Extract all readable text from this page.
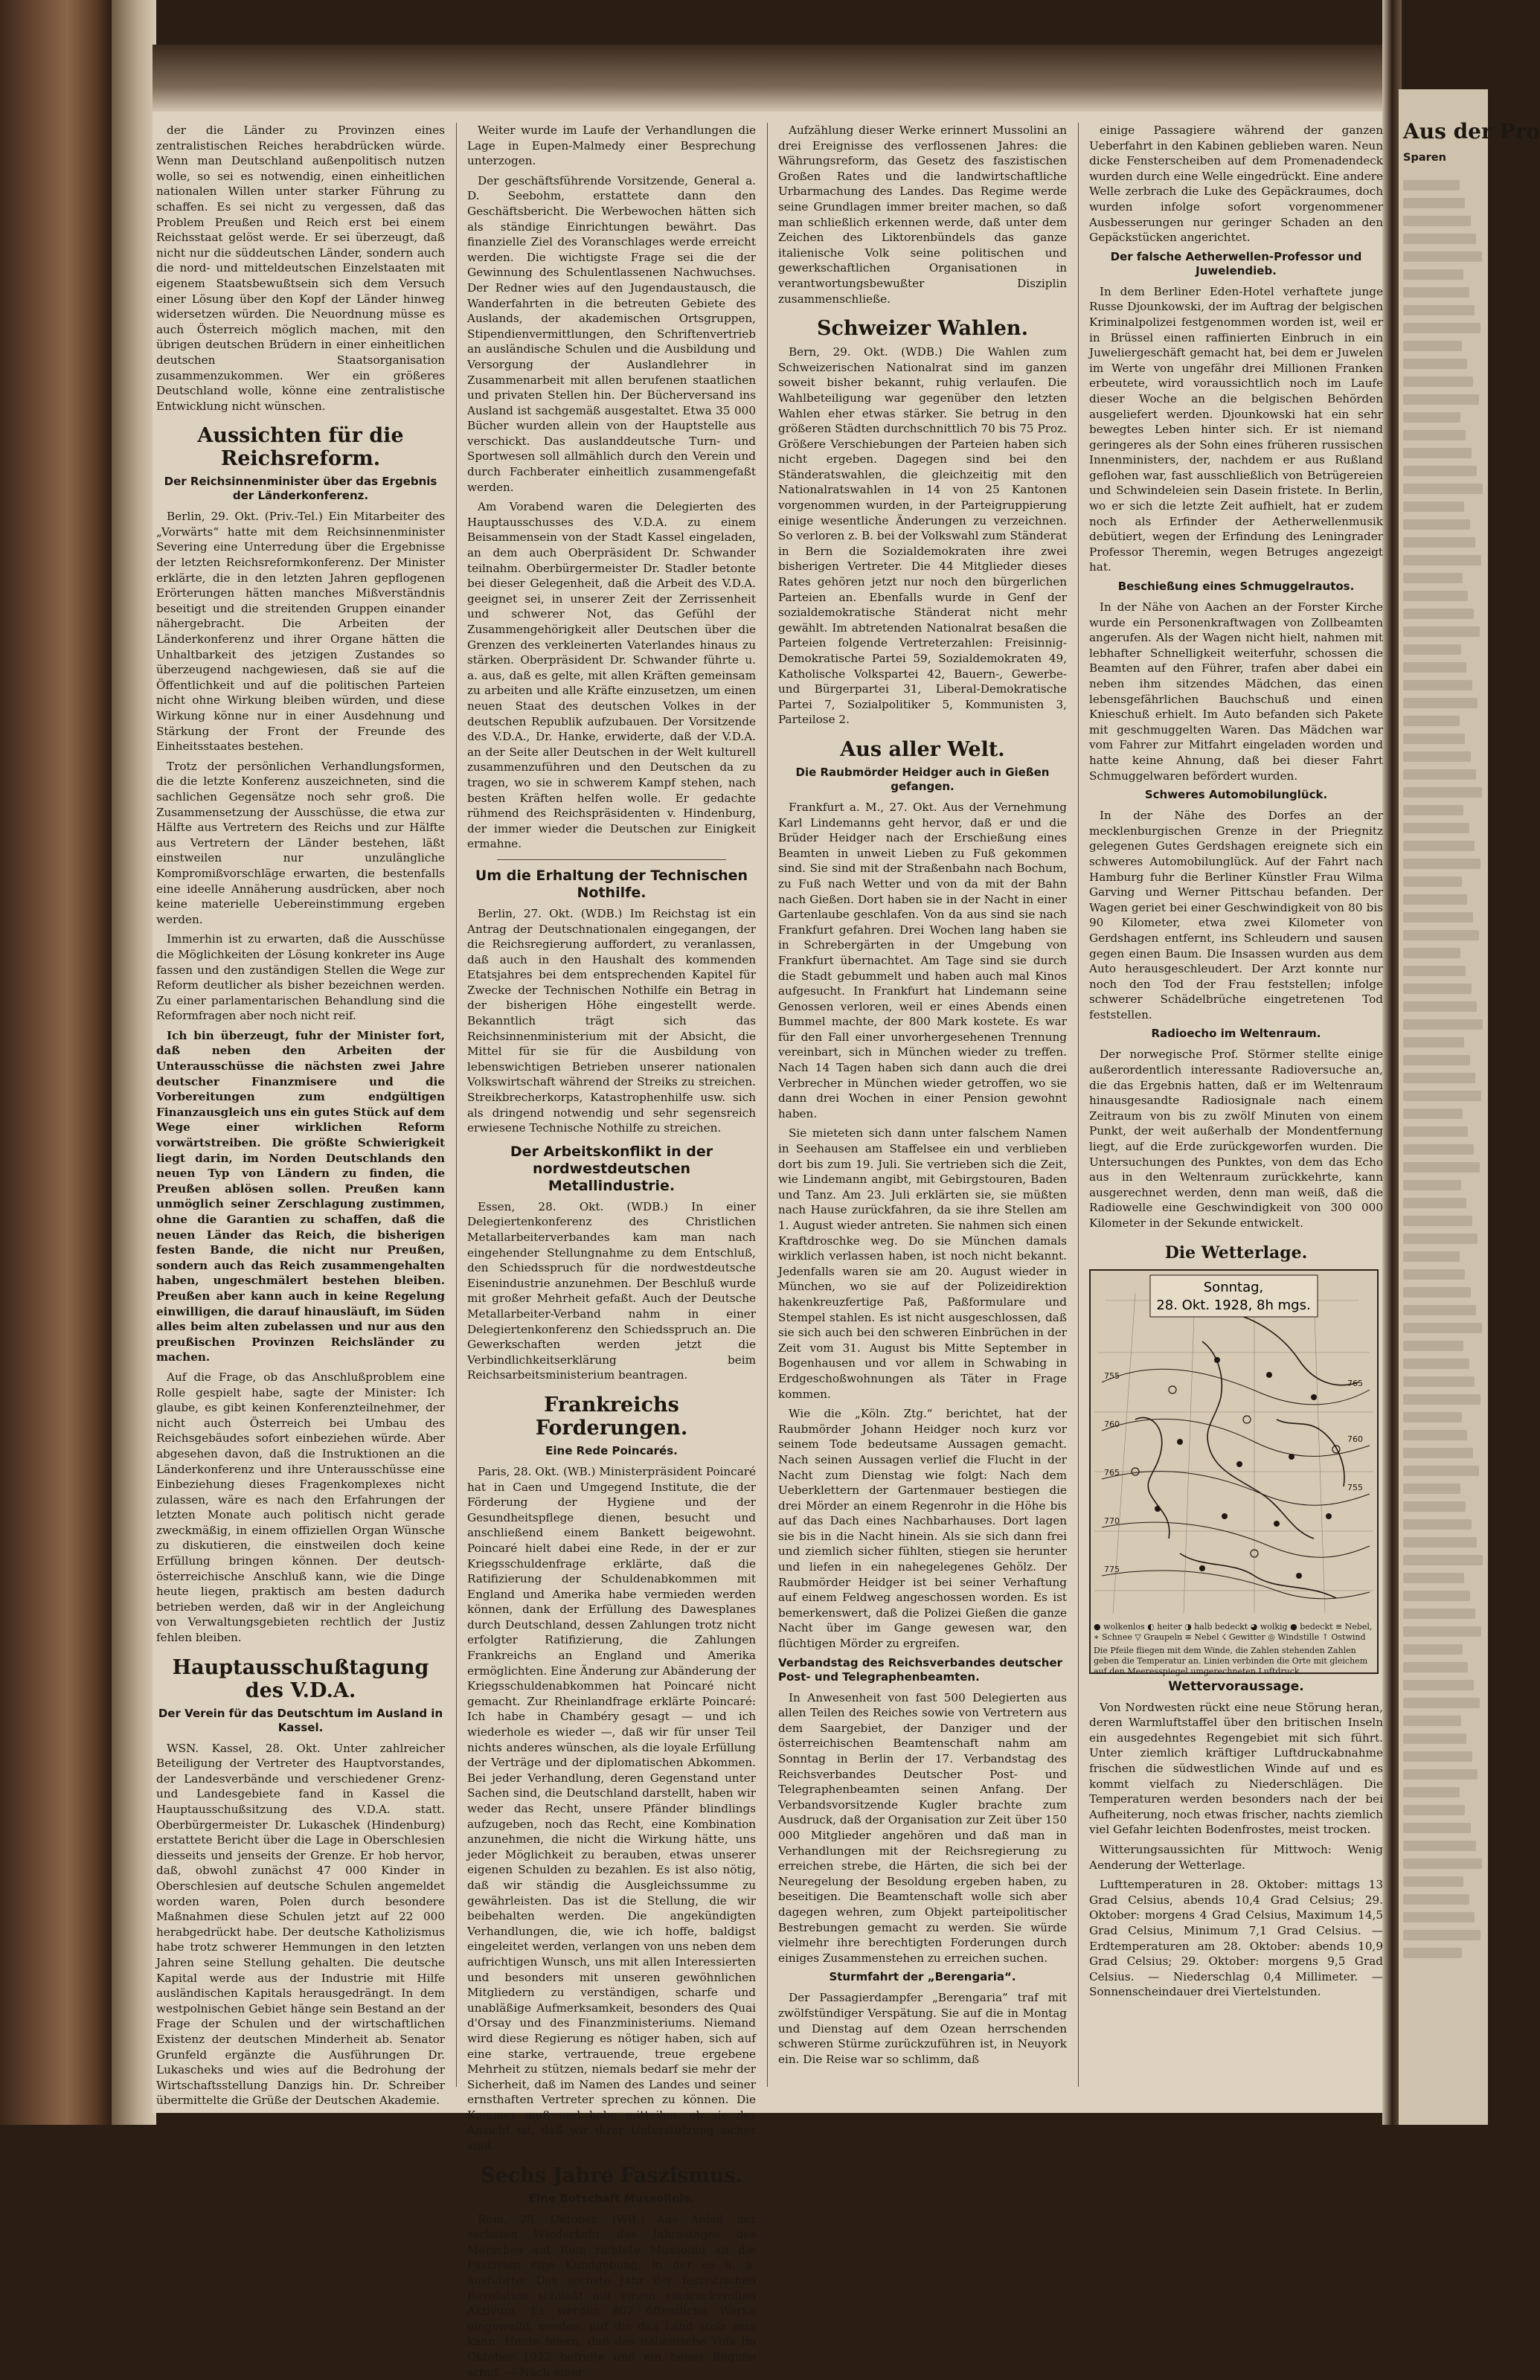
Aus der Pro
Sparen

der die Länder zu Provinzen eines zentralistischen Reiches herabdrücken würde. Wenn man Deutschland außenpolitisch nutzen wolle, so sei es notwendig, einen einheitlichen nationalen Willen unter starker Führung zu schaffen. Es sei nicht zu vergessen, daß das Problem Preußen und Reich erst bei einem Reichsstaat gelöst werde. Er sei überzeugt, daß nicht nur die süddeutschen Länder, sondern auch die nord- und mitteldeutschen Einzelstaaten mit eigenem Staatsbewußtsein sich dem Versuch einer Lösung über den Kopf der Länder hinweg widersetzen würden. Die Neuordnung müsse es auch Österreich möglich machen, mit den übrigen deutschen Brüdern in einer einheitlichen deutschen Staatsorganisation zusammenzukommen. Wer ein größeres Deutschland wolle, könne eine zentralistische Entwicklung nicht wünschen.

Aussichten für die Reichsreform.
Der Reichsinnenminister über das Ergebnis der Länderkonferenz.

Berlin, 29. Okt. (Priv.-Tel.) Ein Mitarbeiter des „Vorwärts“ hatte mit dem Reichsinnenminister Severing eine Unterredung über die Ergebnisse der letzten Reichsreformkonferenz. Der Minister erklärte, die in den letzten Jahren gepflogenen Erörterungen hätten manches Mißverständnis beseitigt und die streitenden Gruppen einander nähergebracht. Die Arbeiten der Länderkonferenz und ihrer Organe hätten die Unhaltbarkeit des jetzigen Zustandes so überzeugend nachgewiesen, daß sie auf die Öffentlichkeit und auf die politischen Parteien nicht ohne Wirkung bleiben würden, und diese Wirkung könne nur in einer Ausdehnung und Stärkung der Front der Freunde des Einheitsstaates bestehen.

Trotz der persönlichen Verhandlungsformen, die die letzte Konferenz auszeichneten, sind die sachlichen Gegensätze noch sehr groß. Die Zusammensetzung der Ausschüsse, die etwa zur Hälfte aus Vertretern des Reichs und zur Hälfte aus Vertretern der Länder bestehen, läßt einstweilen nur unzulängliche Kompromißvorschläge erwarten, die bestenfalls eine ideelle Annäherung ausdrücken, aber noch keine materielle Uebereinstimmung ergeben werden.

Immerhin ist zu erwarten, daß die Ausschüsse die Möglichkeiten der Lösung konkreter ins Auge fassen und den zuständigen Stellen die Wege zur Reform deutlicher als bisher bezeichnen werden. Zu einer parlamentarischen Behandlung sind die Reformfragen aber noch nicht reif.

Ich bin überzeugt, fuhr der Minister fort, daß neben den Arbeiten der Unterausschüsse die nächsten zwei Jahre deutscher Finanzmisere und die Vorbereitungen zum endgültigen Finanzausgleich uns ein gutes Stück auf dem Wege einer wirklichen Reform vorwärtstreiben. Die größte Schwierigkeit liegt darin, im Norden Deutschlands den neuen Typ von Ländern zu finden, die Preußen ablösen sollen. Preußen kann unmöglich seiner Zerschlagung zustimmen, ohne die Garantien zu schaffen, daß die neuen Länder das Reich, die bisherigen festen Bande, die nicht nur Preußen, sondern auch das Reich zusammengehalten haben, ungeschmälert bestehen bleiben. Preußen aber kann auch in keine Regelung einwilligen, die darauf hinausläuft, im Süden alles beim alten zubelassen und nur aus den preußischen Provinzen Reichsländer zu machen.

Auf die Frage, ob das Anschlußproblem eine Rolle gespielt habe, sagte der Minister: Ich glaube, es gibt keinen Konferenzteilnehmer, der nicht auch Österreich bei Umbau des Reichsgebäudes sofort einbeziehen würde. Aber abgesehen davon, daß die Instruktionen an die Länderkonferenz und ihre Unterausschüsse eine Einbeziehung dieses Fragenkomplexes nicht zulassen, wäre es nach den Erfahrungen der letzten Monate auch politisch nicht gerade zweckmäßig, in einem offiziellen Organ Wünsche zu diskutieren, die einstweilen doch keine Erfüllung bringen können. Der deutsch-österreichische Anschluß kann, wie die Dinge heute liegen, praktisch am besten dadurch betrieben werden, daß wir in der Angleichung von Verwaltungsgebieten rechtlich der Justiz fehlen bleiben.

Hauptausschußtagung des V.D.A.
Der Verein für das Deutschtum im Ausland in Kassel.

WSN. Kassel, 28. Okt. Unter zahlreicher Beteiligung der Vertreter des Hauptvorstandes, der Landesverbände und verschiedener Grenz- und Landesgebiete fand in Kassel die Hauptausschußsitzung des V.D.A. statt. Oberbürgermeister Dr. Lukaschek (Hindenburg) erstattete Bericht über die Lage in Oberschlesien diesseits und jenseits der Grenze. Er hob hervor, daß, obwohl zunächst 47 000 Kinder in Oberschlesien auf deutsche Schulen angemeldet worden waren, Polen durch besondere Maßnahmen diese Schulen jetzt auf 22 000 herabgedrückt habe. Der deutsche Katholizismus habe trotz schwerer Hemmungen in den letzten Jahren seine Stellung gehalten. Die deutsche Kapital werde aus der Industrie mit Hilfe ausländischen Kapitals herausgedrängt. In dem westpolnischen Gebiet hänge sein Bestand an der Frage der Schulen und der wirtschaftlichen Existenz der deutschen Minderheit ab. Senator Grunfeld ergänzte die Ausführungen Dr. Lukascheks und wies auf die Bedrohung der Wirtschaftsstellung Danzigs hin. Dr. Schreiber übermittelte die Grüße der Deutschen Akademie.

Weiter wurde im Laufe der Verhandlungen die Lage in Eupen-Malmedy einer Besprechung unterzogen.

Der geschäftsführende Vorsitzende, General a. D. Seebohm, erstattete dann den Geschäftsbericht. Die Werbewochen hätten sich als ständige Einrichtungen bewährt. Das finanzielle Ziel des Voranschlages werde erreicht werden. Die wichtigste Frage sei die der Gewinnung des Schulentlassenen Nachwuchses. Der Redner wies auf den Jugendaustausch, die Wanderfahrten in die betreuten Gebiete des Auslands, der akademischen Ortsgruppen, Stipendienvermittlungen, den Schriftenvertrieb an ausländische Schulen und die Ausbildung und Versorgung der Auslandlehrer in Zusammenarbeit mit allen berufenen staatlichen und privaten Stellen hin. Der Bücherversand ins Ausland ist sachgemäß ausgestaltet. Etwa 35 000 Bücher wurden allein von der Hauptstelle aus verschickt. Das auslanddeutsche Turn- und Sportwesen soll allmählich durch den Verein und durch Fachberater einheitlich zusammengefaßt werden.

Am Vorabend waren die Delegierten des Hauptausschusses des V.D.A. zu einem Beisammensein von der Stadt Kassel eingeladen, an dem auch Oberpräsident Dr. Schwander teilnahm. Oberbürgermeister Dr. Stadler betonte bei dieser Gelegenheit, daß die Arbeit des V.D.A. geeignet sei, in unserer Zeit der Zerrissenheit und schwerer Not, das Gefühl der Zusammengehörigkeit aller Deutschen über die Grenzen des verkleinerten Vaterlandes hinaus zu stärken. Oberpräsident Dr. Schwander führte u. a. aus, daß es gelte, mit allen Kräften gemeinsam zu arbeiten und alle Kräfte einzusetzen, um einen neuen Staat des deutschen Volkes in der deutschen Republik aufzubauen. Der Vorsitzende des V.D.A., Dr. Hanke, erwiderte, daß der V.D.A. an der Seite aller Deutschen in der Welt kulturell zusammenzuführen und den Deutschen da zu tragen, wo sie in schwerem Kampf stehen, nach besten Kräften helfen wolle. Er gedachte rühmend des Reichspräsidenten v. Hindenburg, der immer wieder die Deutschen zur Einigkeit ermahne.

Um die Erhaltung der Technischen Nothilfe.

Berlin, 27. Okt. (WDB.) Im Reichstag ist ein Antrag der Deutschnationalen eingegangen, der die Reichsregierung auffordert, zu veranlassen, daß auch in den Haushalt des kommenden Etatsjahres bei dem entsprechenden Kapitel für Zwecke der Technischen Nothilfe ein Betrag in der bisherigen Höhe eingestellt werde. Bekanntlich trägt sich das Reichsinnenministerium mit der Absicht, die Mittel für sie für die Ausbildung von lebenswichtigen Betrieben unserer nationalen Volkswirtschaft während der Streiks zu streichen. Streikbrecherkorps, Katastrophenhilfe usw. sich als dringend notwendig und sehr segensreich erwiesene Technische Nothilfe zu streichen.

Der Arbeitskonflikt in der nordwestdeutschen Metallindustrie.

Essen, 28. Okt. (WDB.) In einer Delegiertenkonferenz des Christlichen Metallarbeiterverbandes kam man nach eingehender Stellungnahme zu dem Entschluß, den Schiedsspruch für die nordwestdeutsche Eisenindustrie anzunehmen. Der Beschluß wurde mit großer Mehrheit gefaßt. Auch der Deutsche Metallarbeiter-Verband nahm in einer Delegiertenkonferenz den Schiedsspruch an. Die Gewerkschaften werden jetzt die Verbindlichkeitserklärung beim Reichsarbeitsministerium beantragen.

Frankreichs Forderungen.
Eine Rede Poincarés.

Paris, 28. Okt. (WB.) Ministerpräsident Poincaré hat in Caen und Umgegend Institute, die der Förderung der Hygiene und der Gesundheitspflege dienen, besucht und anschließend einem Bankett beigewohnt. Poincaré hielt dabei eine Rede, in der er zur Kriegsschuldenfrage erklärte, daß die Ratifizierung der Schuldenabkommen mit England und Amerika habe vermieden werden können, dank der Erfüllung des Dawesplanes durch Deutschland, dessen Zahlungen trotz nicht erfolgter Ratifizierung, die Zahlungen Frankreichs an England und Amerika ermöglichten. Eine Änderung zur Abänderung der Kriegsschuldenabkommen hat Poincaré nicht gemacht. Zur Rheinlandfrage erklärte Poincaré: Ich habe in Chambéry gesagt — und ich wiederhole es wieder —, daß wir für unser Teil nichts anderes wünschen, als die loyale Erfüllung der Verträge und der diplomatischen Abkommen. Bei jeder Verhandlung, deren Gegenstand unter Sachen sind, die Deutschland darstellt, haben wir weder das Recht, unsere Pfänder blindlings aufzugeben, noch das Recht, eine Kombination anzunehmen, die nicht die Wirkung hätte, uns jeder Möglichkeit zu berauben, etwas unserer eigenen Schulden zu bezahlen. Es ist also nötig, daß wir ständig die Ausgleichssumme zu gewährleisten. Das ist die Stellung, die wir beibehalten werden. Die angekündigten Verhandlungen, die, wie ich hoffe, baldigst eingeleitet werden, verlangen von uns neben dem aufrichtigen Wunsch, uns mit allen Interessierten und besonders mit unseren gewöhnlichen Mitgliedern zu verständigen, scharfe und unabläßige Aufmerksamkeit, besonders des Quai d'Orsay und des Finanzministeriums. Niemand wird diese Regierung es nötiger haben, sich auf eine starke, vertrauende, treue ergebene Mehrheit zu stützen, niemals bedarf sie mehr der Sicherheit, daß im Namen des Landes und seiner ernsthaften Vertreter sprechen zu können. Die Kammer muß und habe mitteilen, ob sie der Ansicht ist, daß wir ihrer Unterstützung sicher sind.

Sechs Jahre Faszismus.
Eine Botschaft Mussolinis.

Rom, 28. Oktober. (WB.) Aus Anlaß der sechsten Wiederkehr des Jahrestages des Marsches auf Rom richtete Mussolini an die Faszisten eine Kundgebung, in der es u. a. ausführte: Das sechste Jahr der faszistischen Revolution schließt mit einem eindrucksvollen Aktivum. Es werden 802 öffentliche Werke eingeweiht werden, auf die das Land stolz sein kann. Heute feiern, daß das italienische Volk im Oktober 1922 befreite und ein neues Regime schuf. — Nach einer

Aufzählung dieser Werke erinnert Mussolini an drei Ereignisse des verflossenen Jahres: die Währungsreform, das Gesetz des faszistischen Großen Rates und die landwirtschaftliche Urbarmachung des Landes. Das Regime werde seine Grundlagen immer breiter machen, so daß man schließlich erkennen werde, daß unter dem Zeichen des Liktorenbündels das ganze italienische Volk seine politischen und gewerkschaftlichen Organisationen in verantwortungsbewußter Disziplin zusammenschließe.

Schweizer Wahlen.

Bern, 29. Okt. (WDB.) Die Wahlen zum Schweizerischen Nationalrat sind im ganzen soweit bisher bekannt, ruhig verlaufen. Die Wahlbeteiligung war gegenüber den letzten Wahlen eher etwas stärker. Sie betrug in den größeren Städten durchschnittlich 70 bis 75 Proz. Größere Verschiebungen der Parteien haben sich nicht ergeben. Dagegen sind bei den Ständeratswahlen, die gleichzeitig mit den Nationalratswahlen in 14 von 25 Kantonen vorgenommen wurden, in der Parteigruppierung einige wesentliche Änderungen zu verzeichnen. So verloren z. B. bei der Volkswahl zum Ständerat in Bern die Sozialdemokraten ihre zwei bisherigen Vertreter. Die 44 Mitglieder dieses Rates gehören jetzt nur noch den bürgerlichen Parteien an. Ebenfalls wurde in Genf der sozialdemokratische Ständerat nicht mehr gewählt. Im abtretenden Nationalrat besaßen die Parteien folgende Vertreterzahlen: Freisinnig-Demokratische Partei 59, Sozialdemokraten 49, Katholische Volkspartei 42, Bauern-, Gewerbe- und Bürgerpartei 31, Liberal-Demokratische Partei 7, Sozialpolitiker 5, Kommunisten 3, Parteilose 2.

Aus aller Welt.
Die Raubmörder Heidger auch in Gießen gefangen.

Frankfurt a. M., 27. Okt. Aus der Vernehmung Karl Lindemanns geht hervor, daß er und die Brüder Heidger nach der Erschießung eines Beamten in unweit Lieben zu Fuß gekommen sind. Sie sind mit der Straßenbahn nach Bochum, zu Fuß nach Wetter und von da mit der Bahn nach Gießen. Dort haben sie in der Nacht in einer Gartenlaube geschlafen. Von da aus sind sie nach Frankfurt gefahren. Drei Wochen lang haben sie in Schrebergärten in der Umgebung von Frankfurt übernachtet. Am Tage sind sie durch die Stadt gebummelt und haben auch mal Kinos aufgesucht. In Frankfurt hat Lindemann seine Genossen verloren, weil er eines Abends einen Bummel machte, der 800 Mark kostete. Es war für den Fall einer unvorhergesehenen Trennung vereinbart, sich in München wieder zu treffen. Nach 14 Tagen haben sich dann auch die drei Verbrecher in München wieder getroffen, wo sie dann drei Wochen in einer Pension gewohnt haben.

Sie mieteten sich dann unter falschem Namen in Seehausen am Staffelsee ein und verblieben dort bis zum 19. Juli. Sie vertrieben sich die Zeit, wie Lindemann angibt, mit Gebirgstouren, Baden und Tanz. Am 23. Juli erklärten sie, sie müßten nach Hause zurückfahren, da sie ihre Stellen am 1. August wieder antreten. Sie nahmen sich einen Kraftdroschke weg. Do sie München damals wirklich verlassen haben, ist noch nicht bekannt. Jedenfalls waren sie am 20. August wieder in München, wo sie auf der Polizeidirektion hakenkreuzfertige Paß, Paßformulare und Stempel stahlen. Es ist nicht ausgeschlossen, daß sie sich auch bei den schweren Einbrüchen in der Zeit vom 31. August bis Mitte September in Bogenhausen und vor allem in Schwabing in Erdgeschoßwohnungen als Täter in Frage kommen.

Wie die „Köln. Ztg.“ berichtet, hat der Raubmörder Johann Heidger noch kurz vor seinem Tode bedeutsame Aussagen gemacht. Nach seinen Aussagen verlief die Flucht in der Nacht zum Dienstag wie folgt: Nach dem Ueberklettern der Gartenmauer bestiegen die drei Mörder an einem Regenrohr in die Höhe bis auf das Dach eines Nachbarhauses. Dort lagen sie bis in die Nacht hinein. Als sie sich dann frei und ziemlich sicher fühlten, stiegen sie herunter und liefen in ein nahegelegenes Gehölz. Der Raubmörder Heidger ist bei seiner Verhaftung auf einem Feldweg angeschossen worden. Es ist bemerkenswert, daß die Polizei Gießen die ganze Nacht über im Gange gewesen war, den flüchtigen Mörder zu ergreifen.

Verbandstag des Reichsverbandes deutscher Post- und Telegraphenbeamten.

In Anwesenheit von fast 500 Delegierten aus allen Teilen des Reiches sowie von Vertretern aus dem Saargebiet, der Danziger und der österreichischen Beamtenschaft nahm am Sonntag in Berlin der 17. Verbandstag des Reichsverbandes Deutscher Post- und Telegraphenbeamten seinen Anfang. Der Verbandsvorsitzende Kugler brachte zum Ausdruck, daß der Organisation zur Zeit über 150 000 Mitglieder angehören und daß man in Verhandlungen mit der Reichsregierung zu erreichen strebe, die Härten, die sich bei der Neuregelung der Besoldung ergeben haben, zu beseitigen. Die Beamtenschaft wolle sich aber dagegen wehren, zum Objekt parteipolitischer Bestrebungen gemacht zu werden. Sie würde vielmehr ihre berechtigten Forderungen durch einiges Zusammenstehen zu erreichen suchen.

Sturmfahrt der „Berengaria“.

Der Passagierdampfer „Berengaria“ traf mit zwölfstündiger Verspätung. Sie auf die in Montag und Dienstag auf dem Ozean herrschenden schweren Stürme zurückzuführen ist, in Neuyork ein. Die Reise war so schlimm, daß

einige Passagiere während der ganzen Ueberfahrt in den Kabinen geblieben waren. Neun dicke Fensterscheiben auf dem Promenadendeck wurden durch eine Welle eingedrückt. Eine andere Welle zerbrach die Luke des Gepäckraumes, doch wurden infolge sofort vorgenommener Ausbesserungen nur geringer Schaden an den Gepäckstücken angerichtet.

Der falsche Aetherwellen-Professor und Juwelendieb.

In dem Berliner Eden-Hotel verhaftete junge Russe Djounkowski, der im Auftrag der belgischen Kriminalpolizei festgenommen worden ist, weil er in Brüssel einen raffinierten Einbruch in ein Juweliergeschäft gemacht hat, bei dem er Juwelen im Werte von ungefähr drei Millionen Franken erbeutete, wird voraussichtlich noch im Laufe dieser Woche an die belgischen Behörden ausgeliefert werden. Djounkowski hat ein sehr bewegtes Leben hinter sich. Er ist niemand geringeres als der Sohn eines früheren russischen Innenministers, der, nachdem er aus Rußland geflohen war, fast ausschließlich von Betrügereien und Schwindeleien sein Dasein fristete. In Berlin, wo er sich die letzte Zeit aufhielt, hat er zudem noch als Erfinder der Aetherwellenmusik debütiert, wegen der Erfindung des Leningrader Professor Theremin, wegen Betruges angezeigt hat.

Beschießung eines Schmuggelrautos.

In der Nähe von Aachen an der Forster Kirche wurde ein Personenkraftwagen von Zollbeamten angerufen. Als der Wagen nicht hielt, nahmen mit lebhafter Schnelligkeit weiterfuhr, schossen die Beamten auf den Führer, trafen aber dabei ein neben ihm sitzendes Mädchen, das einen lebensgefährlichen Bauchschuß und einen Knieschuß erhielt. Im Auto befanden sich Pakete mit geschmuggelten Waren. Das Mädchen war vom Fahrer zur Mitfahrt eingeladen worden und hatte keine Ahnung, daß bei dieser Fahrt Schmuggelwaren befördert wurden.

Schweres Automobilunglück.

In der Nähe des Dorfes an der mecklenburgischen Grenze in der Priegnitz gelegenen Gutes Gerdshagen ereignete sich ein schweres Automobilunglück. Auf der Fahrt nach Hamburg fuhr die Berliner Künstler Frau Wilma Garving und Werner Pittschau befanden. Der Wagen geriet bei einer Geschwindigkeit von 80 bis 90 Kilometer, etwa zwei Kilometer von Gerdshagen entfernt, ins Schleudern und sausen gegen einen Baum. Die Insassen wurden aus dem Auto herausgeschleudert. Der Arzt konnte nur noch den Tod der Frau feststellen; infolge schwerer Schädelbrüche eingetretenen Tod feststellen.

Radioecho im Weltenraum.

Der norwegische Prof. Störmer stellte einige außerordentlich interessante Radioversuche an, die das Ergebnis hatten, daß er im Weltenraum hinausgesandte Radiosignale nach einem Zeitraum von bis zu zwölf Minuten von einem Punkt, der weit außerhalb der Mondentfernung liegt, auf die Erde zurückgeworfen wurden. Die Untersuchungen des Punktes, von dem das Echo aus in den Weltenraum zurückkehrte, kann ausgerechnet werden, denn man weiß, daß die Radiowelle eine Geschwindigkeit von 300 000 Kilometer in der Sekunde entwickelt.

Die Wetterlage.
Sonntag,
28. Okt. 1928, 8h mgs.
755
760
765
770
775
765
760
755
● wolkenlos ◐ heiter ◑ halb bedeckt ◕ wolkig ● bedeckt ≡ Nebel, ∗ Schnee ▽ Graupeln ≡ Nebel ☇ Gewitter ◎ Windstille ↑ Ostwind
Die Pfeile fliegen mit dem Winde, die Zahlen stehenden Zahlen geben die Temperatur an. Linien verbinden die Orte mit gleichem auf den Meeresspiegel umgerechneten Luftdruck.
Wettervoraussage.

Von Nordwesten rückt eine neue Störung heran, deren Warmluftstaffel über den britischen Inseln ein ausgedehntes Regengebiet mit sich führt. Unter ziemlich kräftiger Luftdruckabnahme frischen die südwestlichen Winde auf und es kommt vielfach zu Niederschlägen. Die Temperaturen werden besonders nach der bei Aufheiterung, noch etwas frischer, nachts ziemlich viel Gefahr leichten Bodenfrostes, meist trocken.

Witterungsaussichten für Mittwoch: Wenig Aenderung der Wetterlage.

Lufttemperaturen in 28. Oktober: mittags 13 Grad Celsius, abends 10,4 Grad Celsius; 29. Oktober: morgens 4 Grad Celsius, Maximum 14,5 Grad Celsius, Minimum 7,1 Grad Celsius. — Erdtemperaturen am 28. Oktober: abends 10,9 Grad Celsius; 29. Oktober: morgens 9,5 Grad Celsius. — Niederschlag 0,4 Millimeter. — Sonnenscheindauer drei Viertelstunden.
